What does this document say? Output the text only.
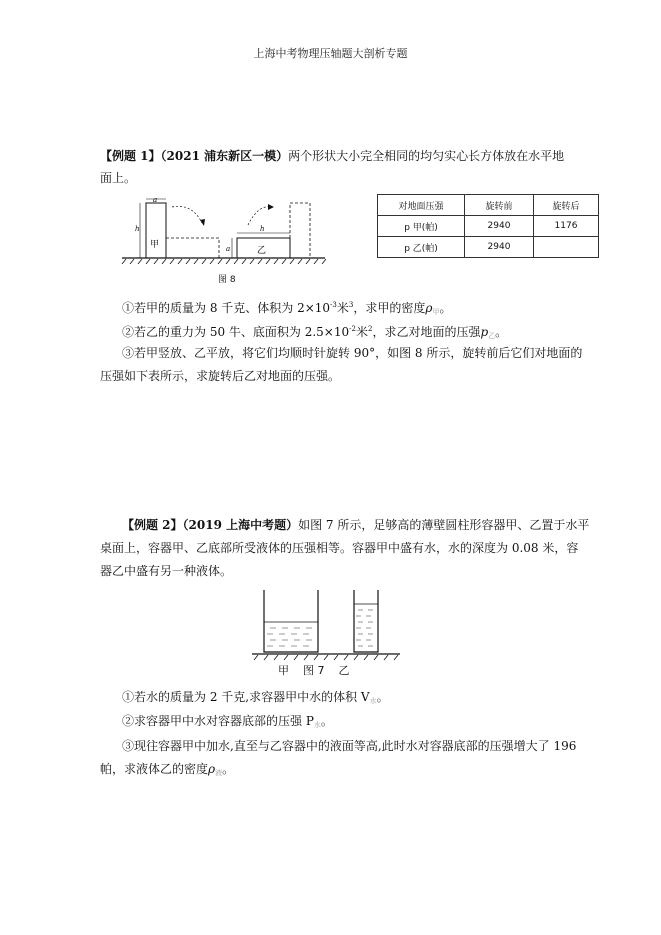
上海中考物理压轴题大剖析专题
【例题 1】（2021 浦东新区一模）两个形状大小完全相同的均匀实心长方体放在水平地
面上。
a
h
甲
h
a	乙
图 8
对地面压强	旋转前	旋转后
p 甲(帕)	2940	1176
p 乙(帕)	2940	
①若甲的质量为 8 千克、体积为 $2\times 10^{-3}$米$^3$，求甲的密度$\rho_甲$。
②若乙的重力为 50 牛、底面积为 $2.5\times 10^{-2}$米$^2$，求乙对地面的压强$p_乙$。
③若甲竖放、乙平放，将它们均顺时针旋转 90°，如图 8 所示，旋转前后它们对地面的
压强如下表所示，求旋转后乙对地面的压强。
【例题 2】（2019 上海中考题）如图 7 所示，足够高的薄壁圆柱形容器甲、乙置于水平
桌面上，容器甲、乙底部所受液体的压强相等。容器甲中盛有水，水的深度为 0.08 米，容
器乙中盛有另一种液体。
甲    图 7    乙
①若水的质量为 2 千克,求容器甲中水的体积 $V_水$。
②求容器甲中水对容器底部的压强 $P_水$。
③现往容器甲中加水,直至与乙容器中的液面等高,此时水对容器底部的压强增大了 196
帕，求液体乙的密度$\rho_液$。
